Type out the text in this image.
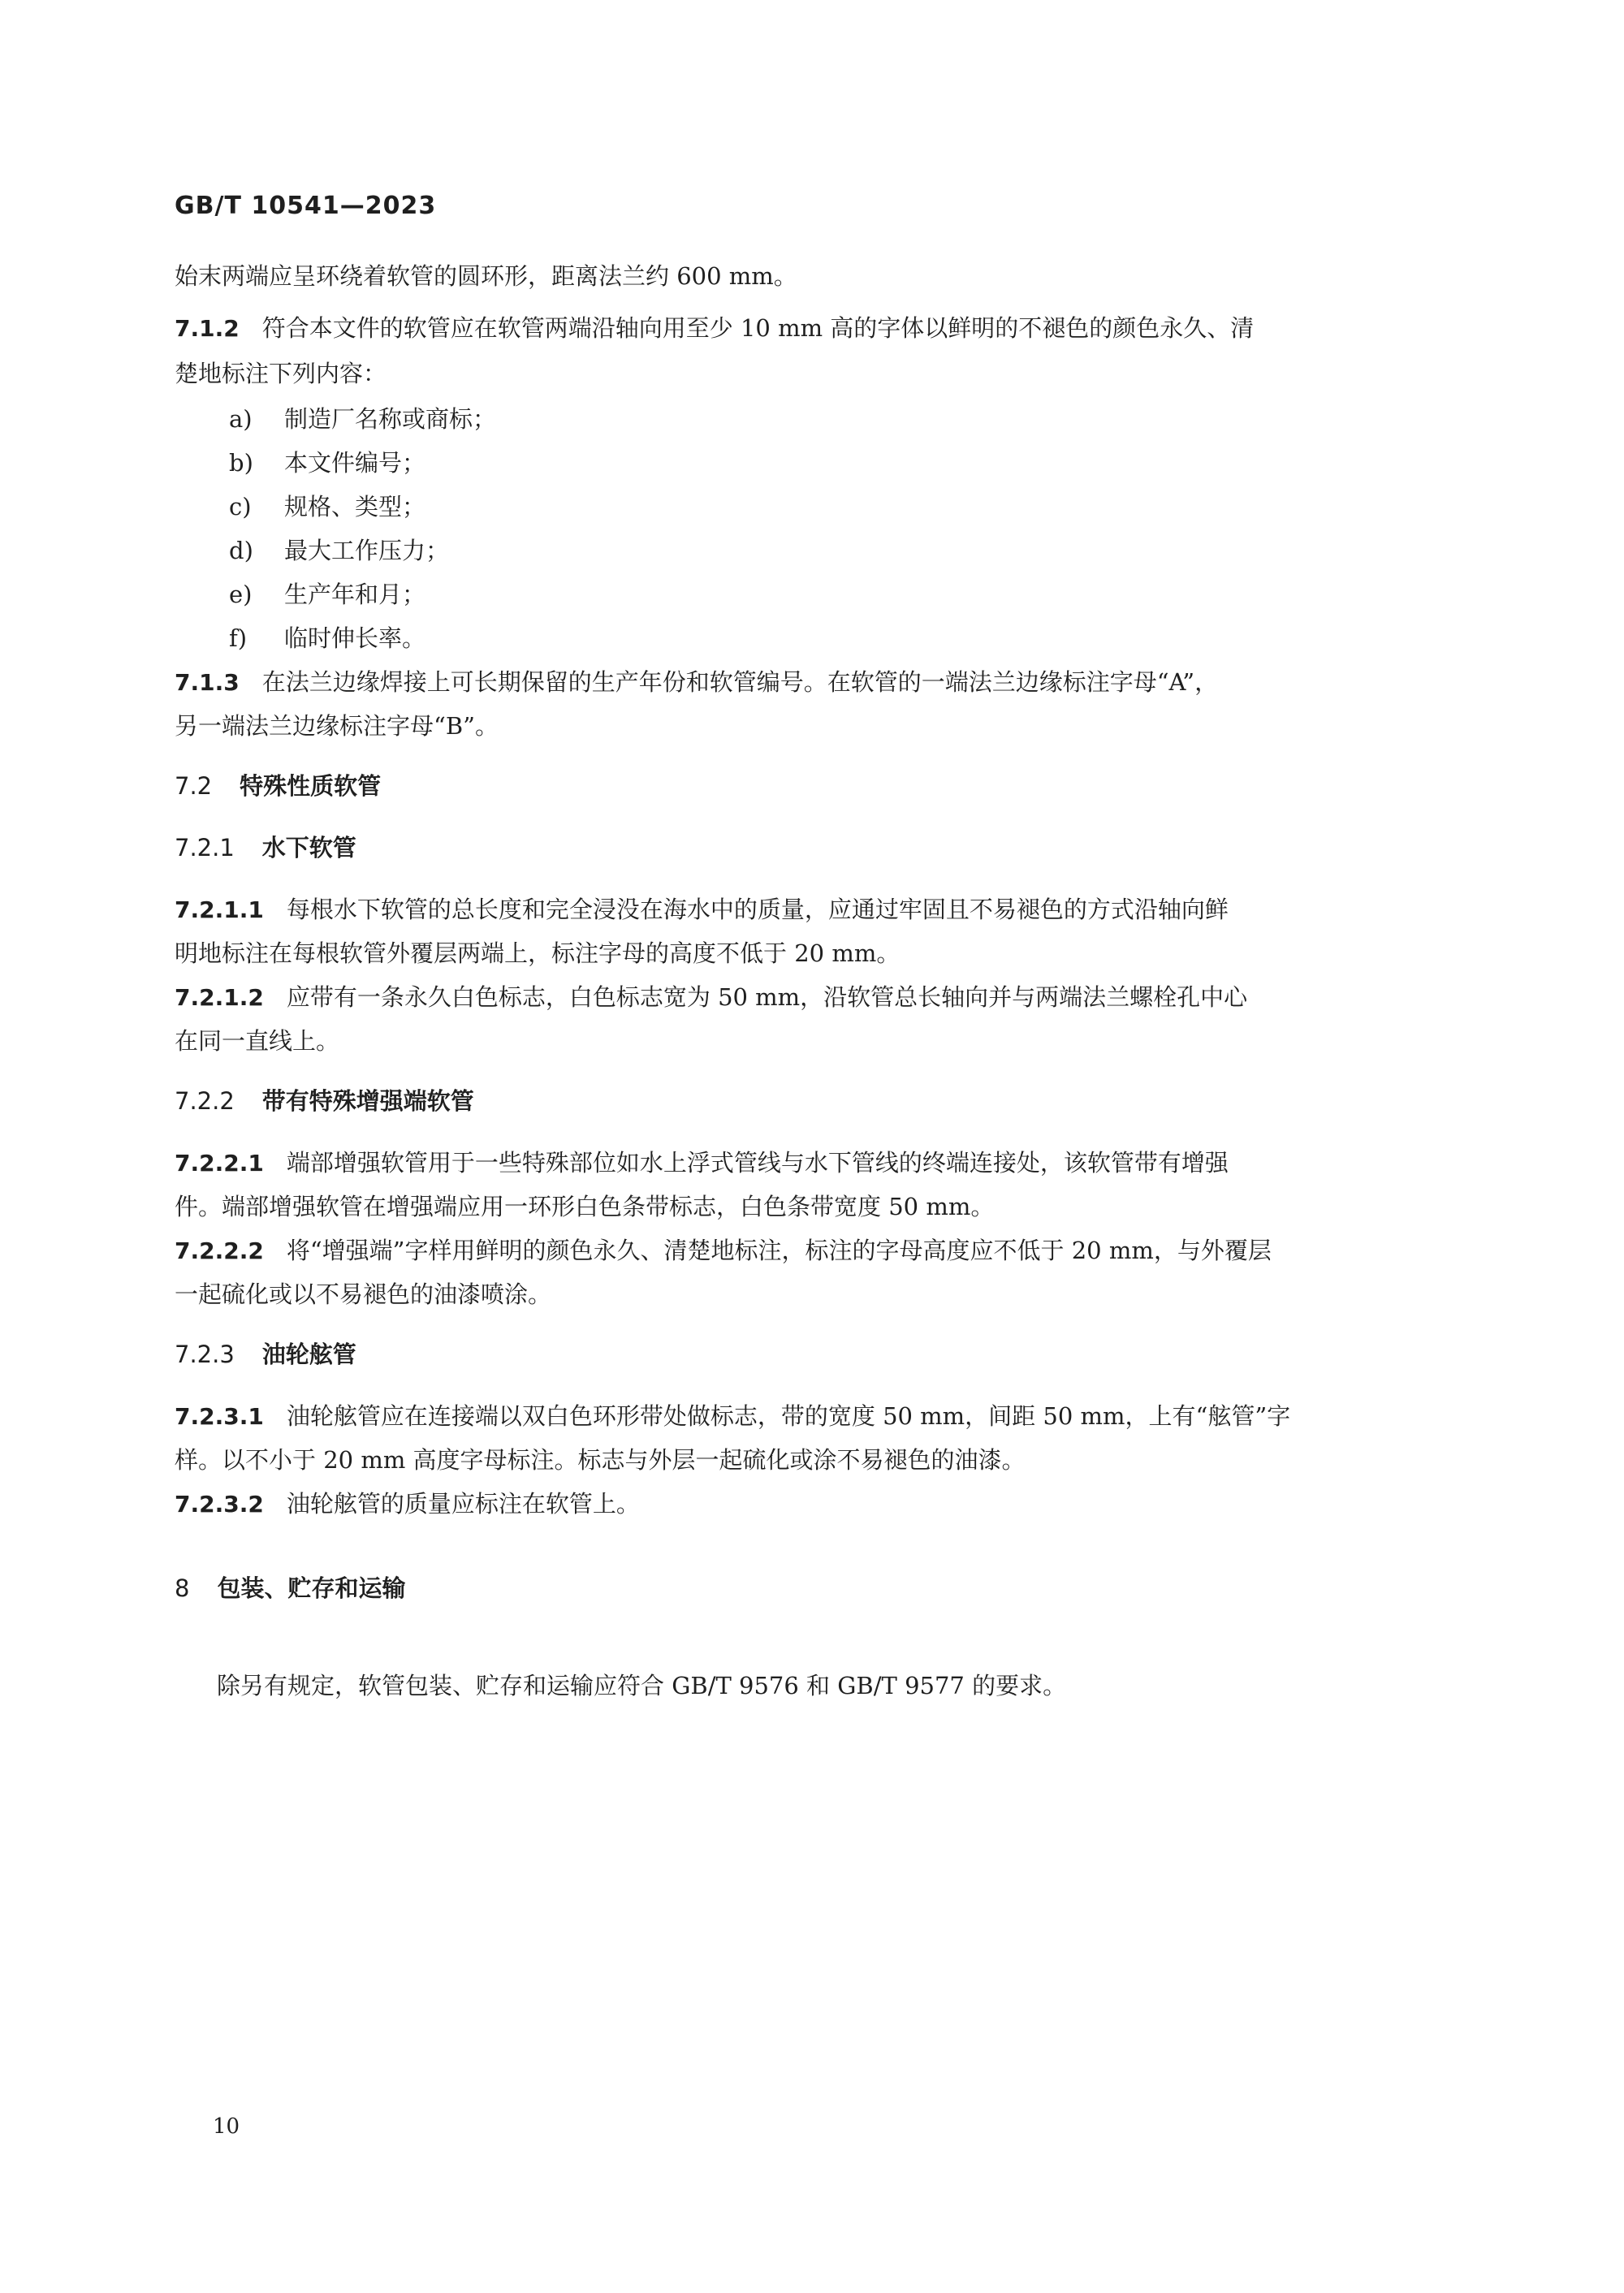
GB/T 10541—2023
始末两端应呈环绕着软管的圆环形，距离法兰约 600 mm。
7.1.2 符合本文件的软管应在软管两端沿轴向用至少 10 mm 高的字体以鲜明的不褪色的颜色永久、清
楚地标注下列内容：
a) 制造厂名称或商标；
b) 本文件编号；
c) 规格、类型；
d) 最大工作压力；
e) 生产年和月；
f) 临时伸长率。
7.1.3 在法兰边缘焊接上可长期保留的生产年份和软管编号。在软管的一端法兰边缘标注字母“A”，
另一端法兰边缘标注字母“B”。
7.2 特殊性质软管
7.2.1 水下软管
7.2.1.1 每根水下软管的总长度和完全浸没在海水中的质量，应通过牢固且不易褪色的方式沿轴向鲜
明地标注在每根软管外覆层两端上，标注字母的高度不低于 20 mm。
7.2.1.2 应带有一条永久白色标志，白色标志宽为 50 mm，沿软管总长轴向并与两端法兰螺栓孔中心
在同一直线上。
7.2.2 带有特殊增强端软管
7.2.2.1 端部增强软管用于一些特殊部位如水上浮式管线与水下管线的终端连接处，该软管带有增强
件。端部增强软管在增强端应用一环形白色条带标志，白色条带宽度 50 mm。
7.2.2.2 将“增强端”字样用鲜明的颜色永久、清楚地标注，标注的字母高度应不低于 20 mm，与外覆层
一起硫化或以不易褪色的油漆喷涂。
7.2.3 油轮舷管
7.2.3.1 油轮舷管应在连接端以双白色环形带处做标志，带的宽度 50 mm，间距 50 mm，上有“舷管”字
样。以不小于 20 mm 高度字母标注。标志与外层一起硫化或涂不易褪色的油漆。
7.2.3.2 油轮舷管的质量应标注在软管上。
8 包装、贮存和运输
除另有规定，软管包装、贮存和运输应符合 GB/T 9576 和 GB/T 9577 的要求。
10
